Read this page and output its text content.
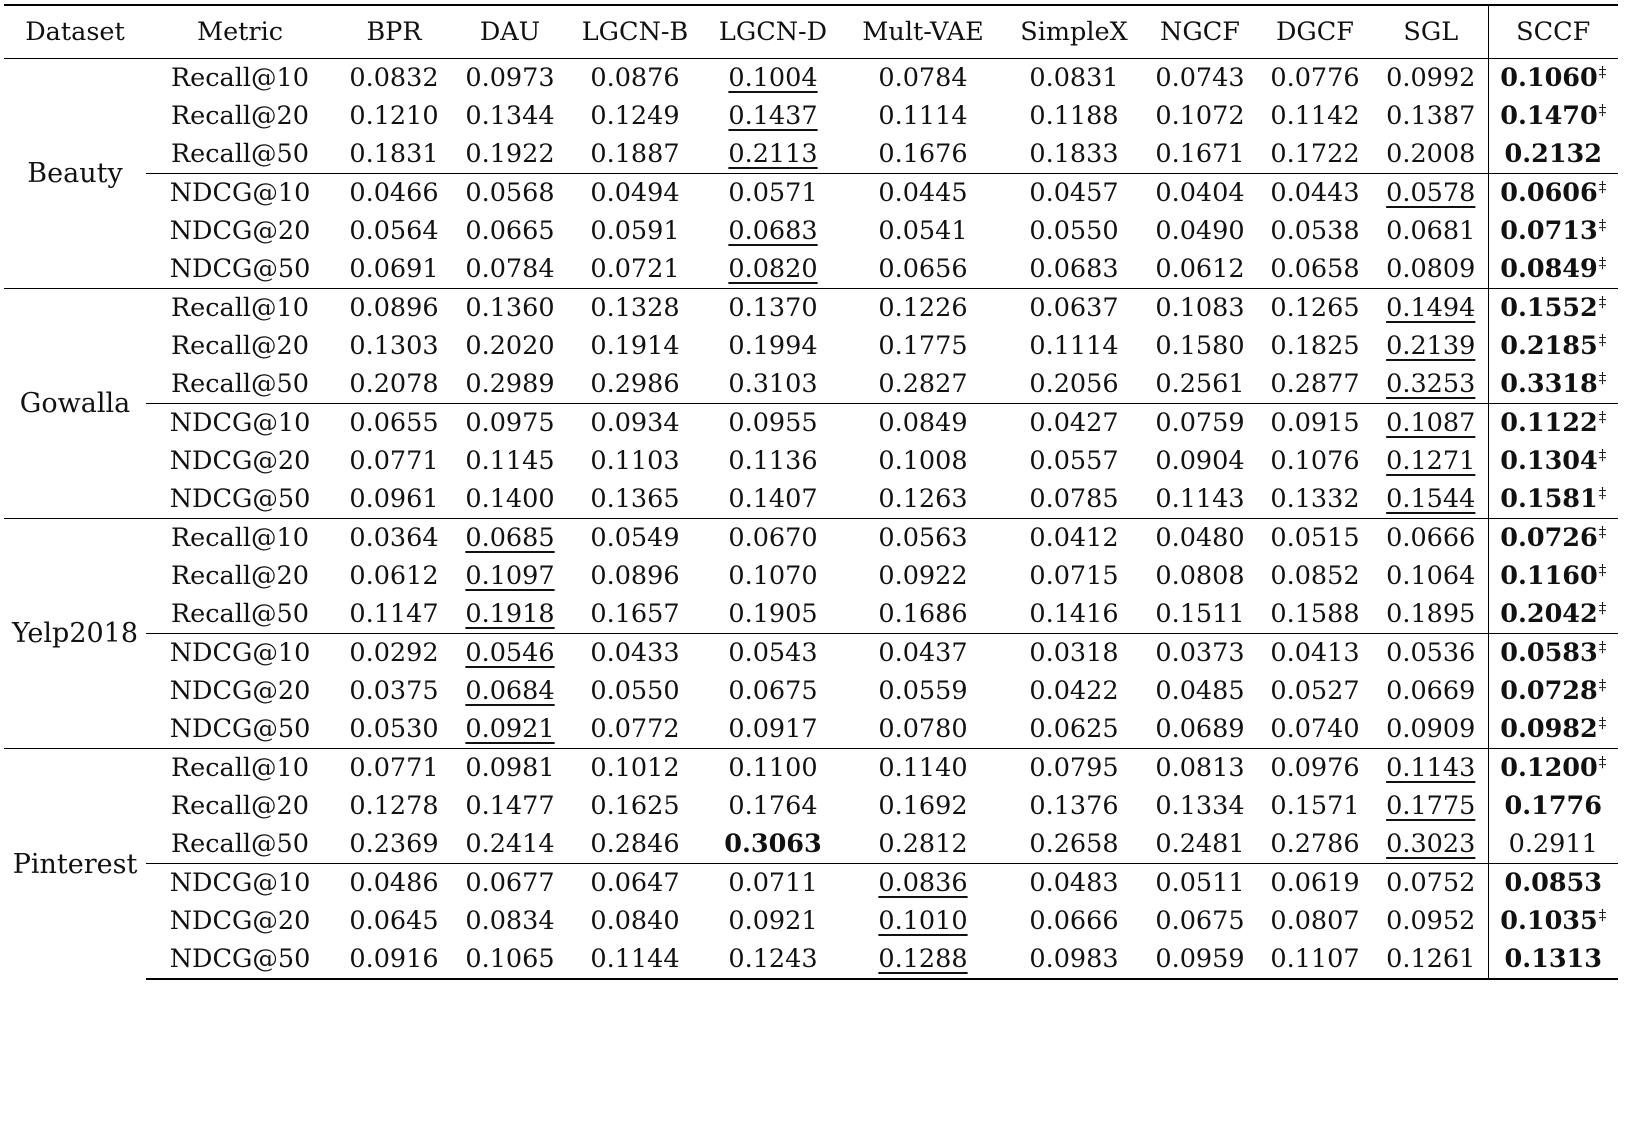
Dataset	Metric	BPR	DAU	LGCN-B	LGCN-D	Mult-VAE	SimpleX	NGCF	DGCF	SGL	SCCF
Beauty	Recall@10	0.0832	0.0973	0.0876	0.1004	0.0784	0.0831	0.0743	0.0776	0.0992	0.1060‡
	Recall@20	0.1210	0.1344	0.1249	0.1437	0.1114	0.1188	0.1072	0.1142	0.1387	0.1470‡
	Recall@50	0.1831	0.1922	0.1887	0.2113	0.1676	0.1833	0.1671	0.1722	0.2008	0.2132
	NDCG@10	0.0466	0.0568	0.0494	0.0571	0.0445	0.0457	0.0404	0.0443	0.0578	0.0606‡
	NDCG@20	0.0564	0.0665	0.0591	0.0683	0.0541	0.0550	0.0490	0.0538	0.0681	0.0713‡
	NDCG@50	0.0691	0.0784	0.0721	0.0820	0.0656	0.0683	0.0612	0.0658	0.0809	0.0849‡
Gowalla	Recall@10	0.0896	0.1360	0.1328	0.1370	0.1226	0.0637	0.1083	0.1265	0.1494	0.1552‡
	Recall@20	0.1303	0.2020	0.1914	0.1994	0.1775	0.1114	0.1580	0.1825	0.2139	0.2185‡
	Recall@50	0.2078	0.2989	0.2986	0.3103	0.2827	0.2056	0.2561	0.2877	0.3253	0.3318‡
	NDCG@10	0.0655	0.0975	0.0934	0.0955	0.0849	0.0427	0.0759	0.0915	0.1087	0.1122‡
	NDCG@20	0.0771	0.1145	0.1103	0.1136	0.1008	0.0557	0.0904	0.1076	0.1271	0.1304‡
	NDCG@50	0.0961	0.1400	0.1365	0.1407	0.1263	0.0785	0.1143	0.1332	0.1544	0.1581‡
Yelp2018	Recall@10	0.0364	0.0685	0.0549	0.0670	0.0563	0.0412	0.0480	0.0515	0.0666	0.0726‡
	Recall@20	0.0612	0.1097	0.0896	0.1070	0.0922	0.0715	0.0808	0.0852	0.1064	0.1160‡
	Recall@50	0.1147	0.1918	0.1657	0.1905	0.1686	0.1416	0.1511	0.1588	0.1895	0.2042‡
	NDCG@10	0.0292	0.0546	0.0433	0.0543	0.0437	0.0318	0.0373	0.0413	0.0536	0.0583‡
	NDCG@20	0.0375	0.0684	0.0550	0.0675	0.0559	0.0422	0.0485	0.0527	0.0669	0.0728‡
	NDCG@50	0.0530	0.0921	0.0772	0.0917	0.0780	0.0625	0.0689	0.0740	0.0909	0.0982‡
Pinterest	Recall@10	0.0771	0.0981	0.1012	0.1100	0.1140	0.0795	0.0813	0.0976	0.1143	0.1200‡
	Recall@20	0.1278	0.1477	0.1625	0.1764	0.1692	0.1376	0.1334	0.1571	0.1775	0.1776
	Recall@50	0.2369	0.2414	0.2846	0.3063	0.2812	0.2658	0.2481	0.2786	0.3023	0.2911
	NDCG@10	0.0486	0.0677	0.0647	0.0711	0.0836	0.0483	0.0511	0.0619	0.0752	0.0853
	NDCG@20	0.0645	0.0834	0.0840	0.0921	0.1010	0.0666	0.0675	0.0807	0.0952	0.1035‡
	NDCG@50	0.0916	0.1065	0.1144	0.1243	0.1288	0.0983	0.0959	0.1107	0.1261	0.1313
